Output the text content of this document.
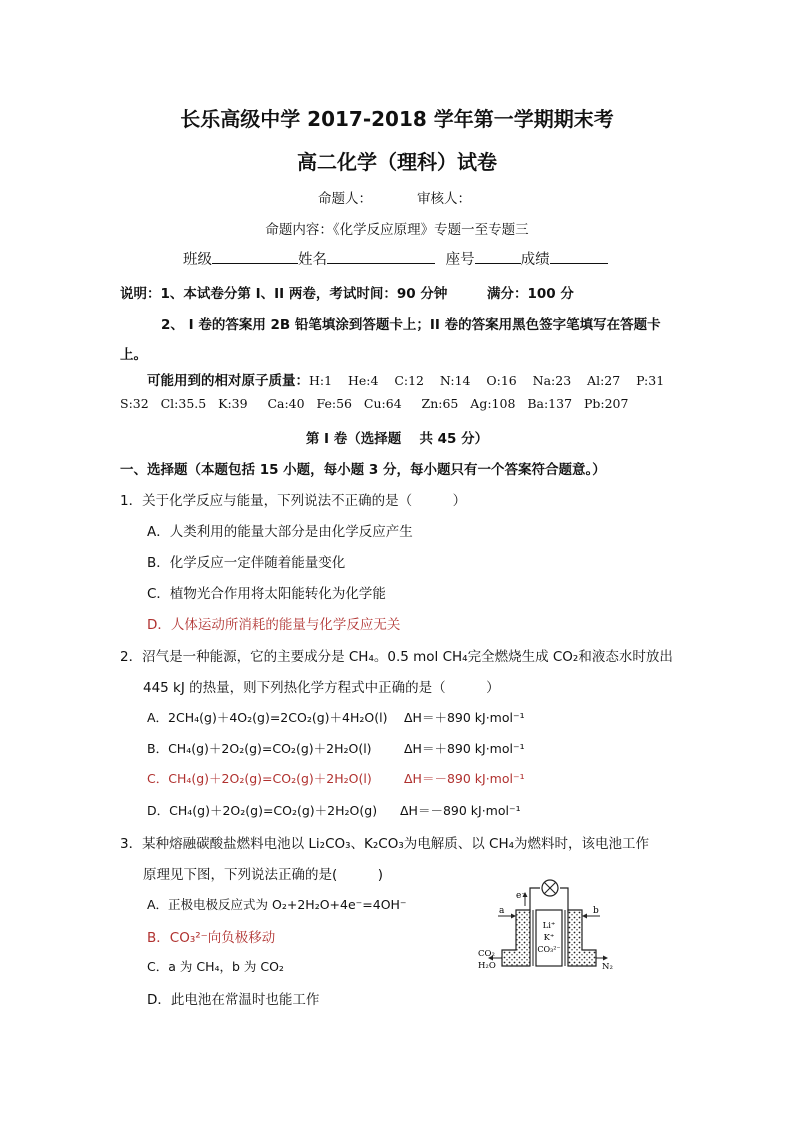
长乐高级中学 2017-2018 学年第一学期期末考
高二化学（理科）试卷
命题人：	审核人：
命题内容：《化学反应原理》专题一至专题三
班级	姓名	座号	成绩
说明：1、本试卷分第 I、II 两卷，考试时间：90 分钟	满分：100 分
2、 I 卷的答案用 2B 铅笔填涂到答题卡上；II 卷的答案用黑色签字笔填写在答题卡
上。
可能用到的相对原子质量：H:1    He:4    C:12    N:14    O:16    Na:23    Al:27    P:31
S:32   Cl:35.5   K:39     Ca:40   Fe:56   Cu:64     Zn:65   Ag:108   Ba:137   Pb:207
第 I 卷（选择题　 共 45 分）
一、选择题（本题包括 15 小题，每小题 3 分，每小题只有一个答案符合题意。）
1．关于化学反应与能量，下列说法不正确的是（　　　）
A．人类利用的能量大部分是由化学反应产生
B．化学反应一定伴随着能量变化
C．植物光合作用将太阳能转化为化学能
D．人体运动所消耗的能量与化学反应无关
2．沼气是一种能源，它的主要成分是 CH₄。0.5 mol CH₄完全燃烧生成 CO₂和液态水时放出
445 kJ 的热量，则下列热化学方程式中正确的是（　　　）
A．2CH₄(g)＋4O₂(g)=2CO₂(g)＋4H₂O(l) ΔH＝＋890 kJ·mol⁻¹
B．CH₄(g)＋2O₂(g)=CO₂(g)＋2H₂O(l)	ΔH＝＋890 kJ·mol⁻¹
C．CH₄(g)＋2O₂(g)=CO₂(g)＋2H₂O(l)	ΔH＝－890 kJ·mol⁻¹
D．CH₄(g)＋2O₂(g)=CO₂(g)＋2H₂O(g) ΔH＝－890 kJ·mol⁻¹
3．某种熔融碳酸盐燃料电池以 Li₂CO₃、K₂CO₃为电解质、以 CH₄为燃料时，该电池工作
原理见下图，下列说法正确的是(　　　)
A．正极电极反应式为 O₂+2H₂O+4e⁻=4OH⁻
B．CO₃²⁻向负极移动
C．a 为 CH₄，b 为 CO₂
D．此电池在常温时也能工作
e⁻
a	b
Li⁺
K⁺
CO₃²⁻
CO₂
H₂O	N₂
